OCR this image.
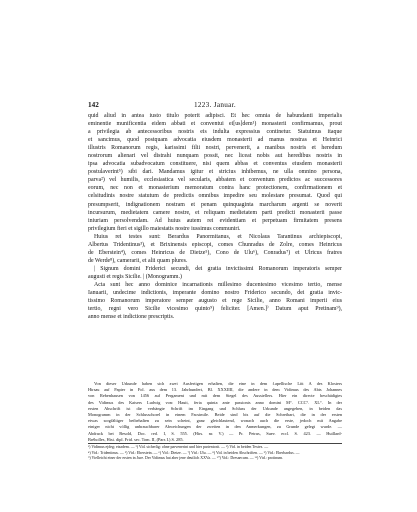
142	1223. Januar.
quid aliud in antea iusto titulo poterit adipisci. Et hec omnia de habundanti imperialis
eminentie munificentia eidem abbati et conventui ei[us]dem¹) monasterii confirmamus, prout
a privilegia ab antecessoribus nostris eis indulta expressius continetur. Statuimus itaque
et sancimus, quod postquam advocatia eiusdem monasterii ad manus nostras et Heinrici
illustris Romanorum regis, karissimi filii nostri, pervenerit, a manibus nostris et heredum
nostrorum alienari vel distrahi nunquam possit, nec liceat nobis aut heredibus nostris in
ipsa advocatia subadvocatum constituere, nisi quem abbas et conventus eiusdem monasterii
postulaverint⁵) sibi dari. Mandamus igitur et stricius inhibemus, ne ulla omnino persona,
parva²) vel humilis, ecclesiastica vel secularis, abbatem et conventum predictos ac successores
eorum, nec non et monasterium memoratum contra hanc protectionem, confirmationem et
celsitudinis nostre statutum de predictis omnibus impedire seu molestare presumat. Quod qui
presumpserit, indignationem nostram et penam quinquaginta marcharum argenti se noverit
incursurum, medietatem camere nostre, et reliquam medietatem parti predicti monasterii passe
iniuriam persolvendam. Ad huius autem rei evidentiam et perpetuam firmitatem presens
privilegium fieri et sigillo maiestatis nostre iussimus communiri.
Huius rei testes sunt: Berardus Panormitanus, et Nicolaus Tarantinus archiepiscopi,
Albertus Tridentinus³), et Brixinensis episcopi, comes Chunradus de Zolre, comes Heinricus
de Eberstein⁴), comes Heinricus de Dietze⁵), Cono de Ulu⁶), Conradus⁷) et Ulricus fratres
de Werde⁸), camerarii, et alii quam plures.
| Signum domini Friderici secundi, dei gratia invictissimi Romanorum imperatoris semper
augusti et regis Sicilie. | (Monogramm.)
Acta sunt hec anno dominice incarnationis millesimo ducentesimo vicesimo tertio, mense
Ianuarii, undecime indictionis, imperante domino nostro Friderico secundo, dei gratia invic-
tissimo Romanorum imperatore semper augusto et rege Sicilie, anno Romani imperii eius
tertio, regni vero Sicilie vicesimo quinto⁹) feliciter. [Amen.]⁾ Datum aput Pretinam⁹),
anno mense et indictione prescriptis.
Von dieser Urkunde haben sich zwei Ausfertigen erhalten, die eine in dem f.apellische Litt A des Klosters
Hirsau auf Papier in Fol. aus dem 13. Jahrhundert, Bl. XXXIIII, die andere in dem Vidimus des Abts Johannes
von Rebenhausen von 1456 auf Pergament und mit dem Siegel des Ausstellers. Hier ein directe beschädigtes
des Vidimus des Kaisers Ludwig von: Hauit, feria quinta ante passionis anno domini M°. CCC°. XL°. In der
ersten Abschrift ist die verhängte Schrift im Eingang und Schluss der Urkunde angegeben, in beiden das
Monogramm in der Schlusschorel in einem Facsimile. Beide sind bis auf die Schreibart, die in der ersten
etwas sorgfältiger beibehalten zu sein scheint, ganz gleichlautend, wonach auch die erste, jedoch mit Angabe
einiger nicht völlig unbrauchbarer Abweichungen der zweiten in den Anmerkungen, zu Grunde gelegt wurde. —
Abdruck bei Besold, Doc. red. I, S. 555. (Hirs. nr. V.) — Pr. Petrus, Suev. eccl. S. 423. — Huillard-
Bréholles, Hist. dipl. Frid. sec. Tom. II, (Pars I.) S. 285.
¹) Vidimus ejdeg; eisadem. — ²) Vid. sicherlig: ohne parvenerint und hier parientorit. — ³) Vid. in beiden Textes. —
⁴) Vid.: Tridentinus. — ⁵) Vid.: Eberstein. — ⁶) Vid.: Dietze. — ⁷) Vid.: Ulu. — ⁸) Vid. in beiden Abschriften. — ⁹) Vid.: Eberhardus. —
⁹) Vielleicht einer der ersten in Jure. Der Vidimus hat aber jene deutlich XXVa. — ¹⁰) Vid.: Dresaecum. — ¹¹) Vid.: protinum.
